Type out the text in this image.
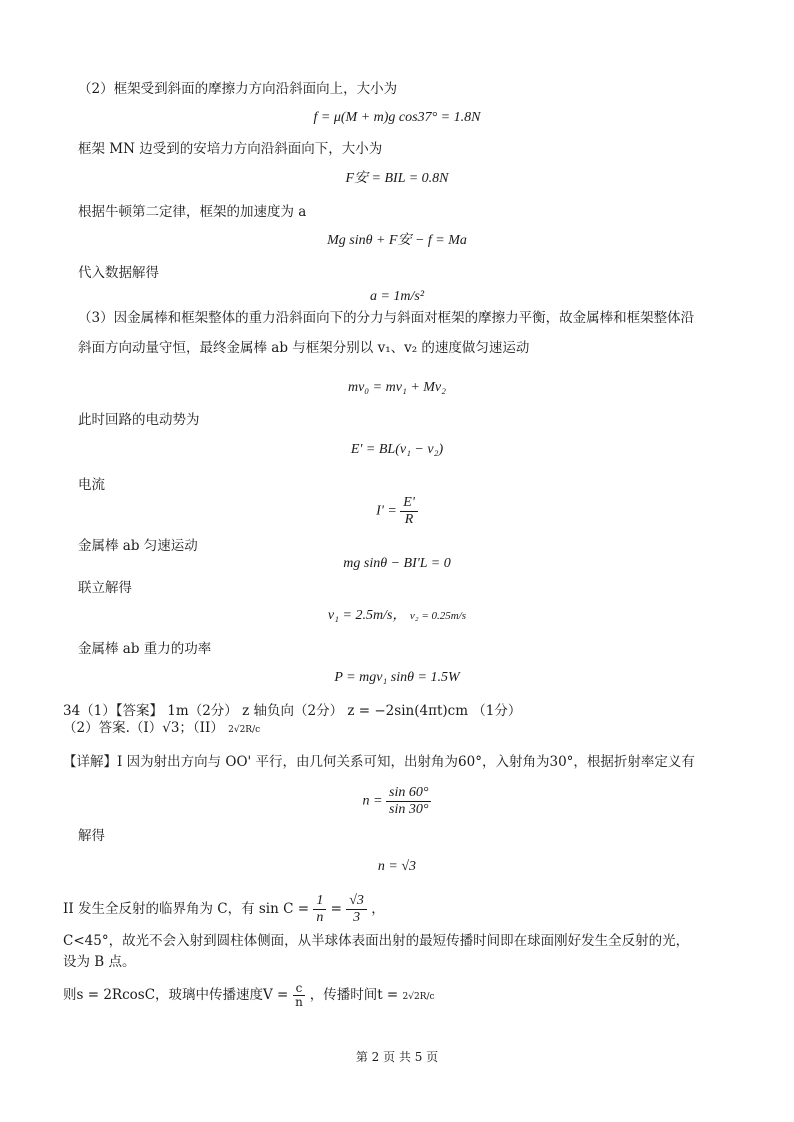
（2）框架受到斜面的摩擦力方向沿斜面向上，大小为
f = μ(M + m)g cos37° = 1.8N
框架 MN 边受到的安培力方向沿斜面向下，大小为
F安 = BIL = 0.8N
根据牛顿第二定律，框架的加速度为 a
Mg sinθ + F安 − f = Ma
代入数据解得
a = 1m/s²
（3）因金属棒和框架整体的重力沿斜面向下的分力与斜面对框架的摩擦力平衡，故金属棒和框架整体沿
斜面方向动量守恒，最终金属棒 ab 与框架分别以 v₁、v₂ 的速度做匀速运动
mv₀ = mv₁ + Mv₂
此时回路的电动势为
E' = BL(v₁ − v₂)
电流
$I' = \frac{E'}{R}$
金属棒 ab 匀速运动
mg sinθ − BI'L = 0
联立解得
v₁ = 2.5m/s， v₂ = 0.25m/s
金属棒 ab 重力的功率
P = mgv₁ sinθ = 1.5W
34（1）【答案】 1m（2分） z 轴负向（2分） z = −2sin(4πt)cm （1分）
（2）答案.（I）√3；（II） 2√2R/c
【详解】I 因为射出方向与 OO' 平行，由几何关系可知，出射角为60°，入射角为30°，根据折射率定义有
$n = \frac{\sin 60^\circ}{\sin 30^\circ}$
解得
n = √3
II 发生全反射的临界角为 C，有 $\sin C = \frac{1}{n} = \frac{√3}{3}$ ，
C<45°，故光不会入射到圆柱体侧面，从半球体表面出射的最短传播时间即在球面刚好发生全反射的光，
设为 B 点。
则s = 2RcosC，玻璃中传播速度$V = \frac{c}{n}$ ，传播时间t = 2√2R/c
第 2 页 共 5 页
